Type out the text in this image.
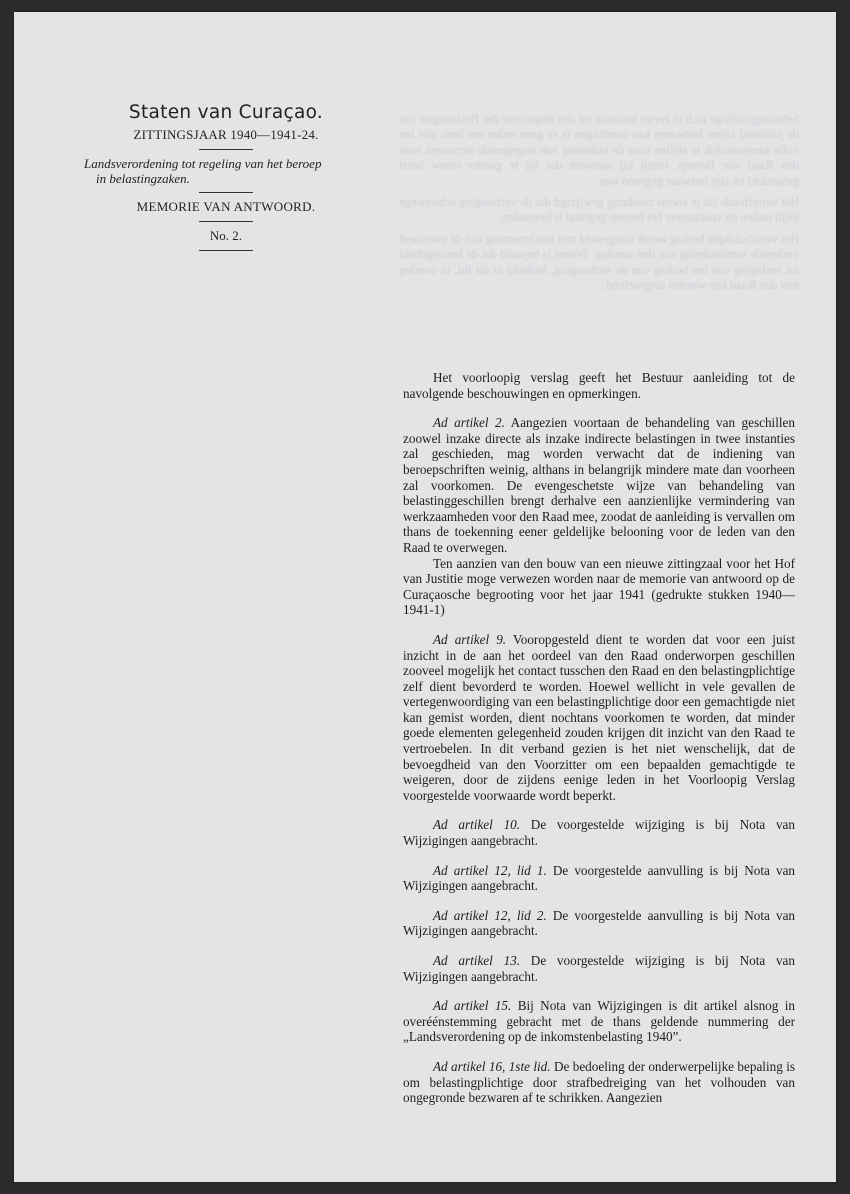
belastingplichtige zich in eerste instantie tot den Inspecteur der Belastingen van de juistheid zijner bezwaren kan overtuigen is er geen reden om hem niet ten volle aansprakelijk te stellen voor de indiening van ongegronde bezwaren voor den Raad van Beroep, tenzij hij aantoont dat hij te goeder trouw heeft gehandeld en zijn bezwaar gegrond was.

Het betreffende lid is voorts zoodanig gewijzigd dat de verhooging achterwege blijft indien en voorzoover het beroep gegrond is bevonden.

Het verschuldigde bedrag wordt vastgesteld met inachtneming van de eventueel verleende vermindering van den aanslag. Tevens is bepaald dat de bevoegdheid tot verlaging van het bedrag van de verhooging, bedoeld in dit lid, in overleg met den Raad kan worden uitgeoefend.

Staten van Curaçao.
ZITTINGSJAAR 1940—1941-24.
Landsverordening tot regeling van het beroep
in belastingzaken.
MEMORIE VAN ANTWOORD.
No. 2.

Het voorloopig verslag geeft het Bestuur aanleiding tot de navolgende beschouwingen en opmerkingen.

Ad artikel 2. Aangezien voortaan de behandeling van geschillen zoowel inzake directe als inzake indirecte belastingen in twee instanties zal geschieden, mag worden verwacht dat de indiening van beroepschriften weinig, althans in belangrijk mindere mate dan voorheen zal voorkomen. De evengeschetste wijze van behandeling van belastinggeschillen brengt derhalve een aanzienlijke vermindering van werkzaamheden voor den Raad mee, zoodat de aanleiding is vervallen om thans de toekenning eener geldelijke belooning voor de leden van den Raad te overwegen.

Ten aanzien van den bouw van een nieuwe zittingzaal voor het Hof van Justitie moge verwezen worden naar de memorie van antwoord op de Curaçaosche begrooting voor het jaar 1941 (gedrukte stukken 1940—1941-1)

Ad artikel 9. Vooropgesteld dient te worden dat voor een juist inzicht in de aan het oordeel van den Raad onderworpen geschillen zooveel mogelijk het contact tusschen den Raad en den belastingplichtige zelf dient bevorderd te worden. Hoewel wellicht in vele gevallen de vertegenwoordiging van een belastingplichtige door een gemachtigde niet kan gemist worden, dient nochtans voorkomen te worden, dat minder goede elementen gelegenheid zouden krijgen dit inzicht van den Raad te vertroebelen. In dit verband gezien is het niet wenschelijk, dat de bevoegdheid van den Voorzitter om een bepaalden gemachtigde te weigeren, door de zijdens eenige leden in het Voorloopig Verslag voorgestelde voorwaarde wordt beperkt.

Ad artikel 10. De voorgestelde wijziging is bij Nota van Wijzigingen aangebracht.

Ad artikel 12, lid 1. De voorgestelde aanvulling is bij Nota van Wijzigingen aangebracht.

Ad artikel 12, lid 2. De voorgestelde aanvulling is bij Nota van Wijzigingen aangebracht.

Ad artikel 13. De voorgestelde wijziging is bij Nota van Wijzigingen aangebracht.

Ad artikel 15. Bij Nota van Wijzigingen is dit artikel alsnog in overéénstemming gebracht met de thans geldende nummering der „Landsverordening op de inkomstenbelasting 1940”.

Ad artikel 16, 1ste lid. De bedoeling der onderwerpelijke bepaling is om belastingplichtige door strafbedreiging van het volhouden van ongegronde bezwaren af te schrikken. Aangezien
